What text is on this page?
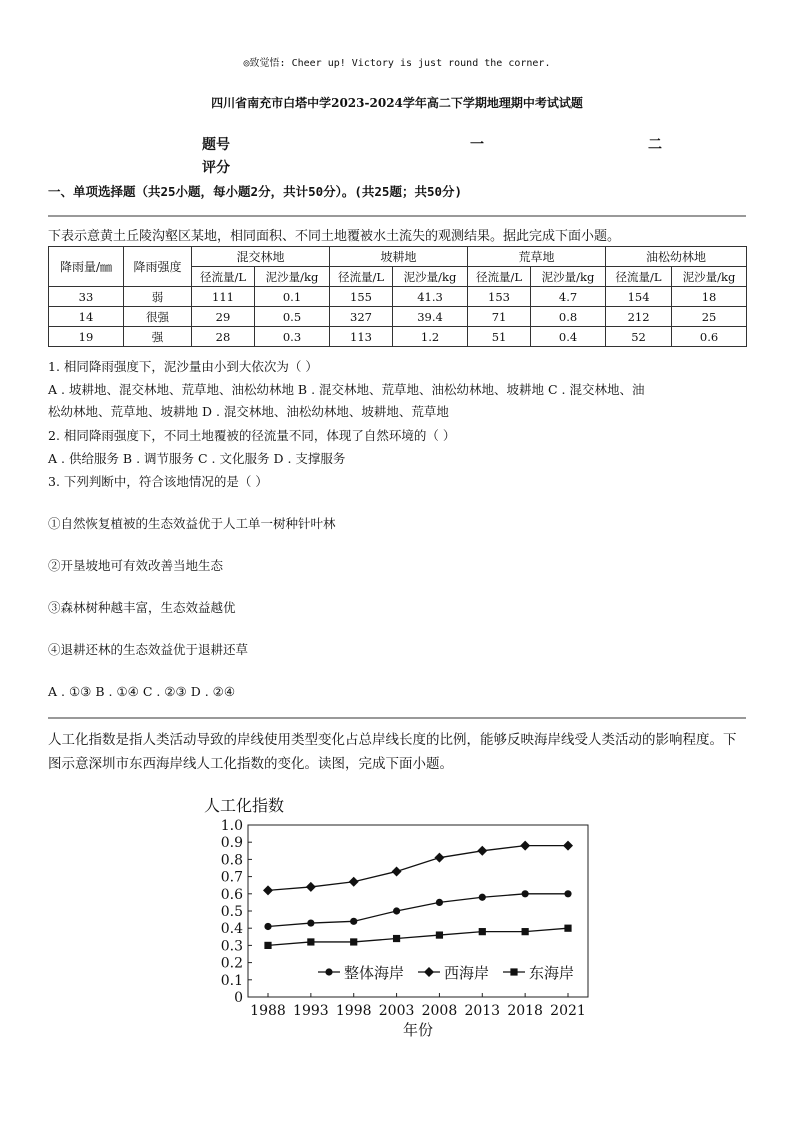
◎致觉悟: Cheer up! Victory is just round the corner.
四川省南充市白塔中学2023-2024学年高二下学期地理期中考试试题
题号
评分
一	二
一、单项选择题（共25小题，每小题2分，共计50分）。(共25题；共50分)
下表示意黄土丘陵沟壑区某地，相同面积、不同土地覆被水土流失的观测结果。据此完成下面小题。
降雨量/㎜	降雨强度	混交林地		坡耕地		荒草地		油松幼林地	
		径流量/L	泥沙量/kg	径流量/L	泥沙量/kg	径流量/L	泥沙量/kg	径流量/L	泥沙量/kg
33	弱	111	0.1	155	41.3	153	4.7	154	18
14	很强	29	0.5	327	39.4	71	0.8	212	25
19	强	28	0.3	113	1.2	51	0.4	52	0.6
1. 相同降雨强度下，泥沙量由小到大依次为（ ）
A . 坡耕地、混交林地、荒草地、油松幼林地 B . 混交林地、荒草地、油松幼林地、坡耕地 C . 混交林地、油
松幼林地、荒草地、坡耕地 D . 混交林地、油松幼林地、坡耕地、荒草地
2. 相同降雨强度下，不同土地覆被的径流量不同，体现了自然环境的（ ）
A . 供给服务 B . 调节服务 C . 文化服务 D . 支撑服务
3. 下列判断中，符合该地情况的是（ ）
①自然恢复植被的生态效益优于人工单一树种针叶林
②开垦坡地可有效改善当地生态
③森林树种越丰富，生态效益越优
④退耕还林的生态效益优于退耕还草
A . ①③ B . ①④ C . ②③ D . ②④
人工化指数是指人类活动导致的岸线使用类型变化占总岸线长度的比例，能够反映海岸线受人类活动的影响程度。下图示意深圳市东西海岸线人工化指数的变化。读图，完成下面小题。
人工化指数
1.0
0.9
0.8
0.7
0.6
0.5
0.4
0.3
0.2
0.1
0
1988 1993 1998 2003 2008 2013 2018 2021
整体海岸	西海岸	东海岸
年份
